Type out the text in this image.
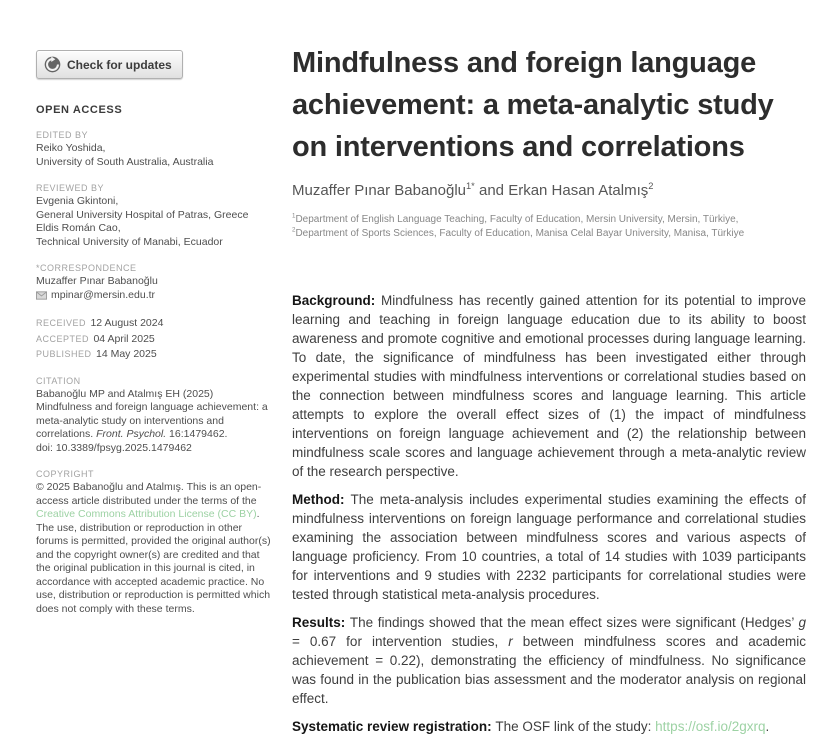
Check for updates
OPEN ACCESS
EDITED BY
Reiko Yoshida,
University of South Australia, Australia
REVIEWED BY
Evgenia Gkintoni,
General University Hospital of Patras, Greece
Eldis Román Cao,
Technical University of Manabi, Ecuador
*CORRESPONDENCE
Muzaffer Pınar Babanoğlu
mpinar@mersin.edu.tr
RECEIVED 12 August 2024
ACCEPTED 04 April 2025
PUBLISHED 14 May 2025
CITATION
Babanoğlu MP and Atalmış EH (2025) Mindfulness and foreign language achievement: a meta-analytic study on interventions and correlations. Front. Psychol. 16:1479462.
doi: 10.3389/fpsyg.2025.1479462
COPYRIGHT
© 2025 Babanoğlu and Atalmış. This is an open-access article distributed under the terms of the Creative Commons Attribution License (CC BY). The use, distribution or reproduction in other forums is permitted, provided the original author(s) and the copyright owner(s) are credited and that the original publication in this journal is cited, in accordance with accepted academic practice. No use, distribution or reproduction is permitted which does not comply with these terms.
Mindfulness and foreign language achievement: a meta-analytic study on interventions and correlations
Muzaffer Pınar Babanoğlu$^{1*}$ and Erkan Hasan Atalmış$^2$
$^1$Department of English Language Teaching, Faculty of Education, Mersin University, Mersin, Türkiye,
$^2$Department of Sports Sciences, Faculty of Education, Manisa Celal Bayar University, Manisa, Türkiye

Background: Mindfulness has recently gained attention for its potential to improve learning and teaching in foreign language education due to its ability to boost awareness and promote cognitive and emotional processes during language learning. To date, the significance of mindfulness has been investigated either through experimental studies with mindfulness interventions or correlational studies based on the connection between mindfulness scores and language learning. This article attempts to explore the overall effect sizes of (1) the impact of mindfulness interventions on foreign language achievement and (2) the relationship between mindfulness scale scores and language achievement through a meta-analytic review of the research perspective.

Method: The meta-analysis includes experimental studies examining the effects of mindfulness interventions on foreign language performance and correlational studies examining the association between mindfulness scores and various aspects of language proficiency. From 10 countries, a total of 14 studies with 1039 participants for interventions and 9 studies with 2232 participants for correlational studies were tested through statistical meta-analysis procedures.

Results: The findings showed that the mean effect sizes were significant (Hedges’ g = 0.67 for intervention studies, r between mindfulness scores and academic achievement = 0.22), demonstrating the efficiency of mindfulness. No significance was found in the publication bias assessment and the moderator analysis on regional effect.

Systematic review registration: The OSF link of the study: https://osf.io/2gxrq.
